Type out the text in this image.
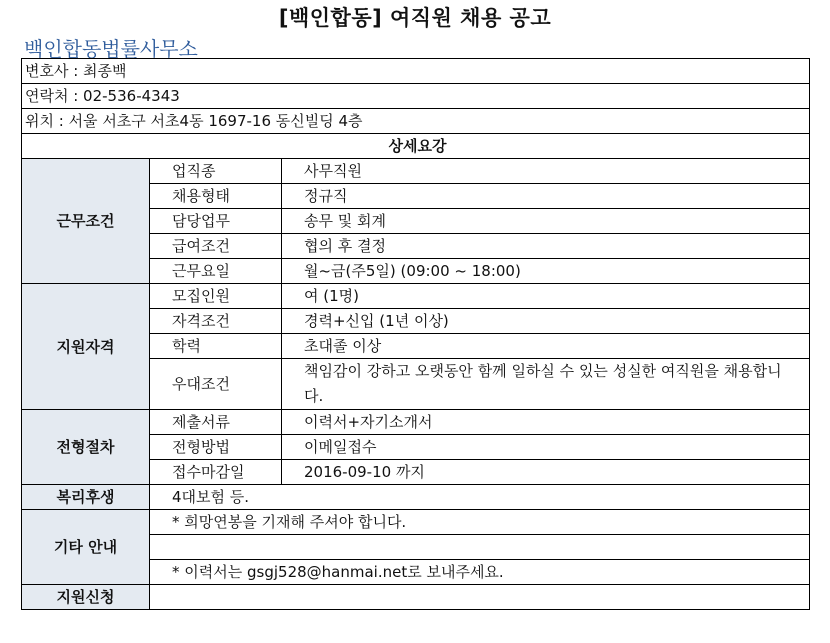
[백인합동] 여직원 채용 공고
백인합동법률사무소
변호사 : 최종백		
연락처 : 02-536-4343		
위치 : 서울 서초구 서초4동 1697-16 동신빌딩 4층		
상세요강		
근무조건	업직종	사무직원
	채용형태	정규직
	담당업무	송무 및 회계
	급여조건	협의 후 결정
	근무요일	월~금(주5일) (09:00 ~ 18:00)
지원자격	모집인원	여 (1명)
	자격조건	경력+신입 (1년 이상)
	학력	초대졸 이상
	우대조건	책임감이 강하고 오랫동안 함께 일하실 수 있는 성실한 여직원을 채용합니다.
전형절차	제출서류	이력서+자기소개서
	전형방법	이메일접수
	접수마감일	2016-09-10 까지
복리후생	4대보험 등.	
기타 안내	* 희망연봉을 기재해 주셔야 합니다.	

	* 이력서는 gsgj528@hanmai.net로 보내주세요.	
지원신청		
